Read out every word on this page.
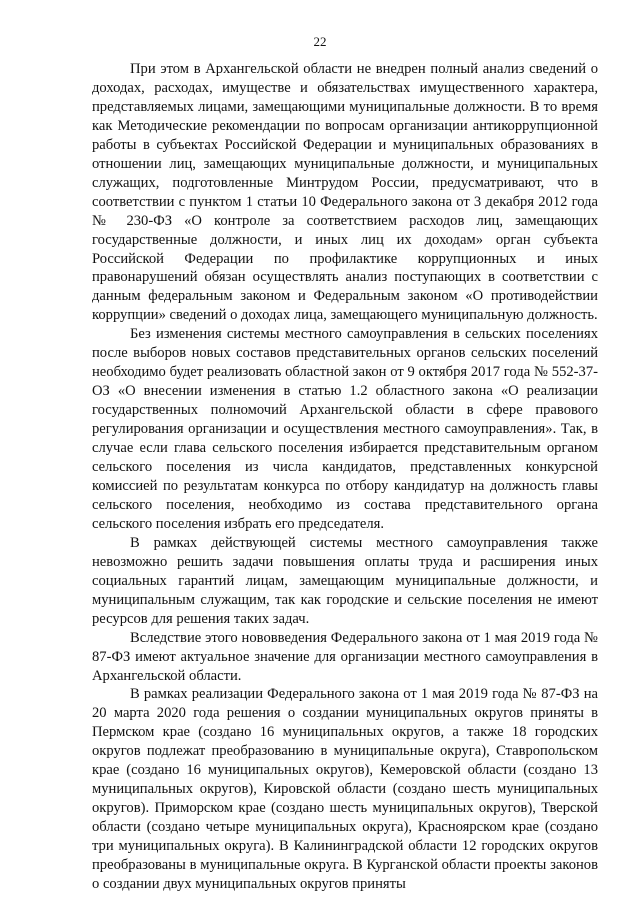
22

При этом в Архангельской области не внедрен полный анализ сведений о доходах, расходах, имуществе и обязательствах имущественного характера, представляемых лицами, замещающими муниципальные должности. В то время как Методические рекомендации по вопросам организации антикоррупционной работы в субъектах Российской Федерации и муниципальных образованиях в отношении лиц, замещающих муниципальные должности, и муниципальных служащих, подготовленные Минтрудом России, предусматривают, что в соответствии с пунктом 1 статьи 10 Федерального закона от 3 декабря 2012 года № 230-ФЗ «О контроле за соответствием расходов лиц, замещающих государственные должности, и иных лиц их доходам» орган субъекта Российской Федерации по профилактике коррупционных и иных правонарушений обязан осуществлять анализ поступающих в соответствии с данным федеральным законом и Федеральным законом «О противодействии коррупции» сведений о доходах лица, замещающего муниципальную должность.

Без изменения системы местного самоуправления в сельских поселениях после выборов новых составов представительных органов сельских поселений необходимо будет реализовать областной закон от 9 октября 2017 года № 552-37-ОЗ «О внесении изменения в статью 1.2 областного закона «О реализации государственных полномочий Архангельской области в сфере правового регулирования организации и осуществления местного самоуправления». Так, в случае если глава сельского поселения избирается представительным органом сельского поселения из числа кандидатов, представленных конкурсной комиссией по результатам конкурса по отбору кандидатур на должность главы сельского поселения, необходимо из состава представительного органа сельского поселения избрать его председателя.

В рамках действующей системы местного самоуправления также невозможно решить задачи повышения оплаты труда и расширения иных социальных гарантий лицам, замещающим муниципальные должности, и муниципальным служащим, так как городские и сельские поселения не имеют ресурсов для решения таких задач.

Вследствие этого нововведения Федерального закона от 1 мая 2019 года № 87-ФЗ имеют актуальное значение для организации местного самоуправления в Архангельской области.

В рамках реализации Федерального закона от 1 мая 2019 года № 87-ФЗ на 20 марта 2020 года решения о создании муниципальных округов приняты в Пермском крае (создано 16 муниципальных округов, а также 18 городских округов подлежат преобразованию в муниципальные округа), Ставропольском крае (создано 16 муниципальных округов), Кемеровской области (создано 13 муниципальных округов), Кировской области (создано шесть муниципальных округов). Приморском крае (создано шесть муниципальных округов), Тверской области (создано четыре муниципальных округа), Красноярском крае (создано три муниципальных округа). В Калининградской области 12 городских округов преобразованы в муниципальные округа. В Курганской области проекты законов о создании двух муниципальных округов приняты
